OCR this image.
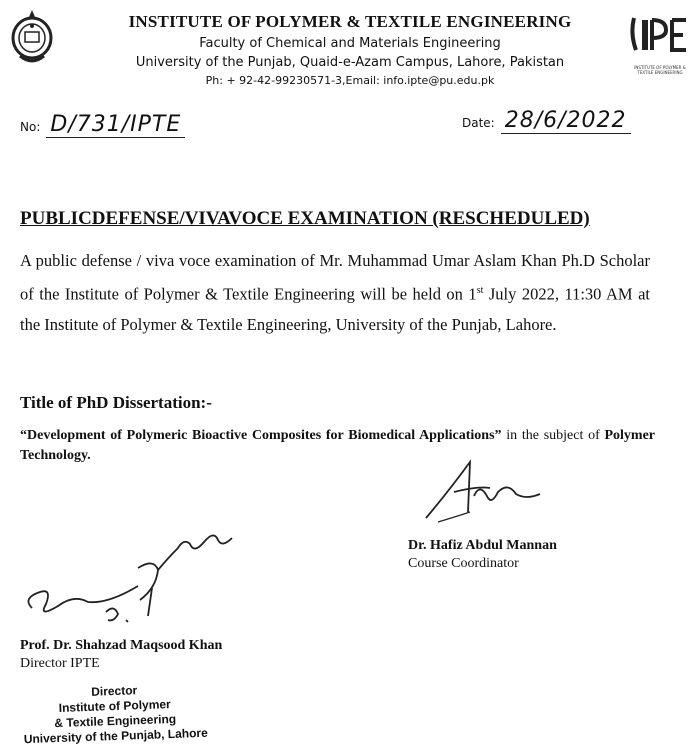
INSTITUTE OF POLYMER & TEXTILE ENGINEERING
INSTITUTE OF POLYMER & TEXTILE ENGINEERING
Faculty of Chemical and Materials Engineering
University of the Punjab, Quaid-e-Azam Campus, Lahore, Pakistan
Ph: + 92-42-99230571-3,Email: info.ipte@pu.edu.pk
No: D/731/IPTE	Date: 28/6/2022
PUBLICDEFENSE/VIVAVOCE EXAMINATION (RESCHEDULED)
A public defense / viva voce examination of Mr. Muhammad Umar Aslam Khan Ph.D Scholar of the Institute of Polymer & Textile Engineering will be held on 1st July 2022, 11:30 AM at the Institute of Polymer & Textile Engineering, University of the Punjab, Lahore.
Title of PhD Dissertation:-
“Development of Polymeric Bioactive Composites for Biomedical Applications” in the subject of Polymer Technology.
Dr. Hafiz Abdul Mannan
Course Coordinator
Prof. Dr. Shahzad Maqsood Khan
Director IPTE
Director
Institute of Polymer
& Textile Engineering
University of the Punjab, Lahore
